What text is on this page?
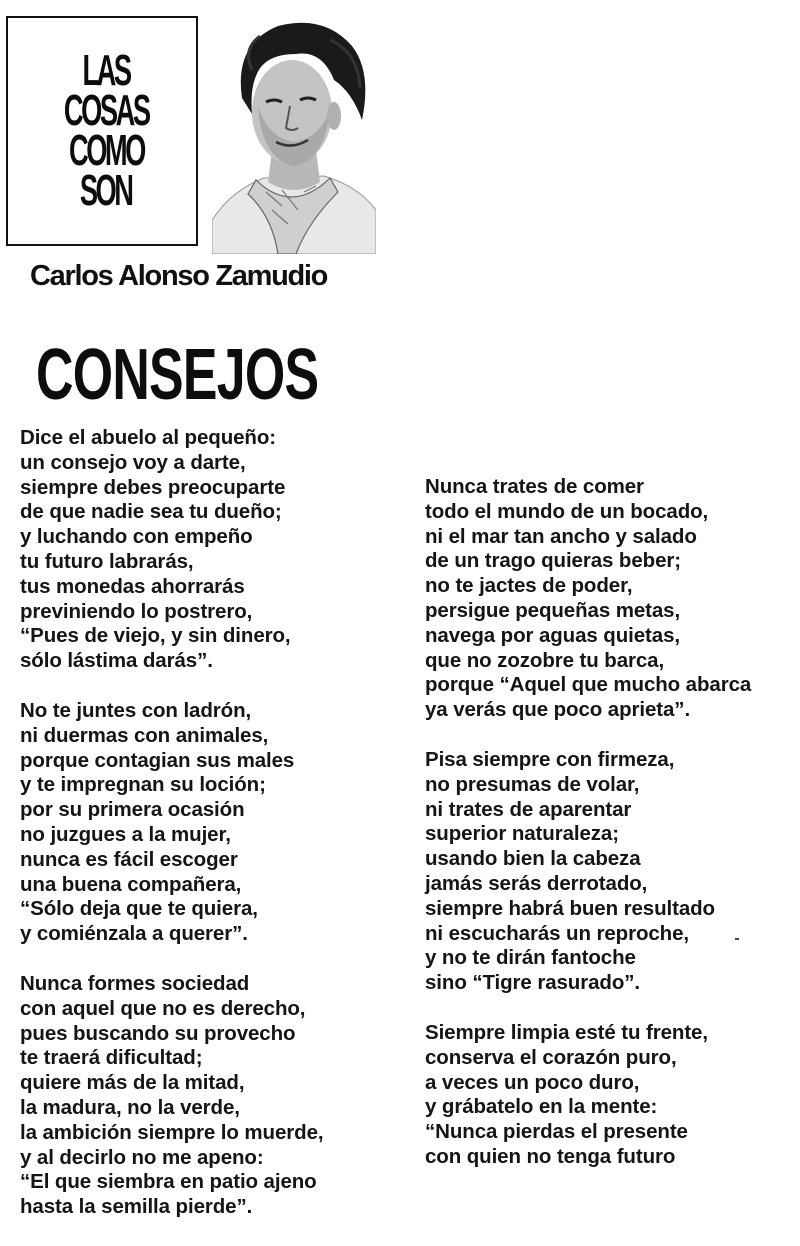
LAS
COSAS
COMO
SON
Carlos Alonso Zamudio
CONSEJOS
Dice el abuelo al pequeño:
un consejo voy a darte,
siempre debes preocuparte
de que nadie sea tu dueño;
y luchando con empeño
tu futuro labrarás,
tus monedas ahorrarás
previniendo lo postrero,
“Pues de viejo, y sin dinero,
sólo lástima darás”.
No te juntes con ladrón,
ni duermas con animales,
porque contagian sus males
y te impregnan su loción;
por su primera ocasión
no juzgues a la mujer,
nunca es fácil escoger
una buena compañera,
“Sólo deja que te quiera,
y comiénzala a querer”.
Nunca formes sociedad
con aquel que no es derecho,
pues buscando su provecho
te traerá dificultad;
quiere más de la mitad,
la madura, no la verde,
la ambición siempre lo muerde,
y al decirlo no me apeno:
“El que siembra en patio ajeno
hasta la semilla pierde”.
Nunca trates de comer
todo el mundo de un bocado,
ni el mar tan ancho y salado
de un trago quieras beber;
no te jactes de poder,
persigue pequeñas metas,
navega por aguas quietas,
que no zozobre tu barca,
porque “Aquel que mucho abarca
ya verás que poco aprieta”.
Pisa siempre con firmeza,
no presumas de volar,
ni trates de aparentar
superior naturaleza;
usando bien la cabeza
jamás serás derrotado,
siempre habrá buen resultado
ni escucharás un reproche,
y no te dirán fantoche
sino “Tigre rasurado”.
Siempre limpia esté tu frente,
conserva el corazón puro,
a veces un poco duro,
y grábatelo en la mente:
“Nunca pierdas el presente
con quien no tenga futuro
